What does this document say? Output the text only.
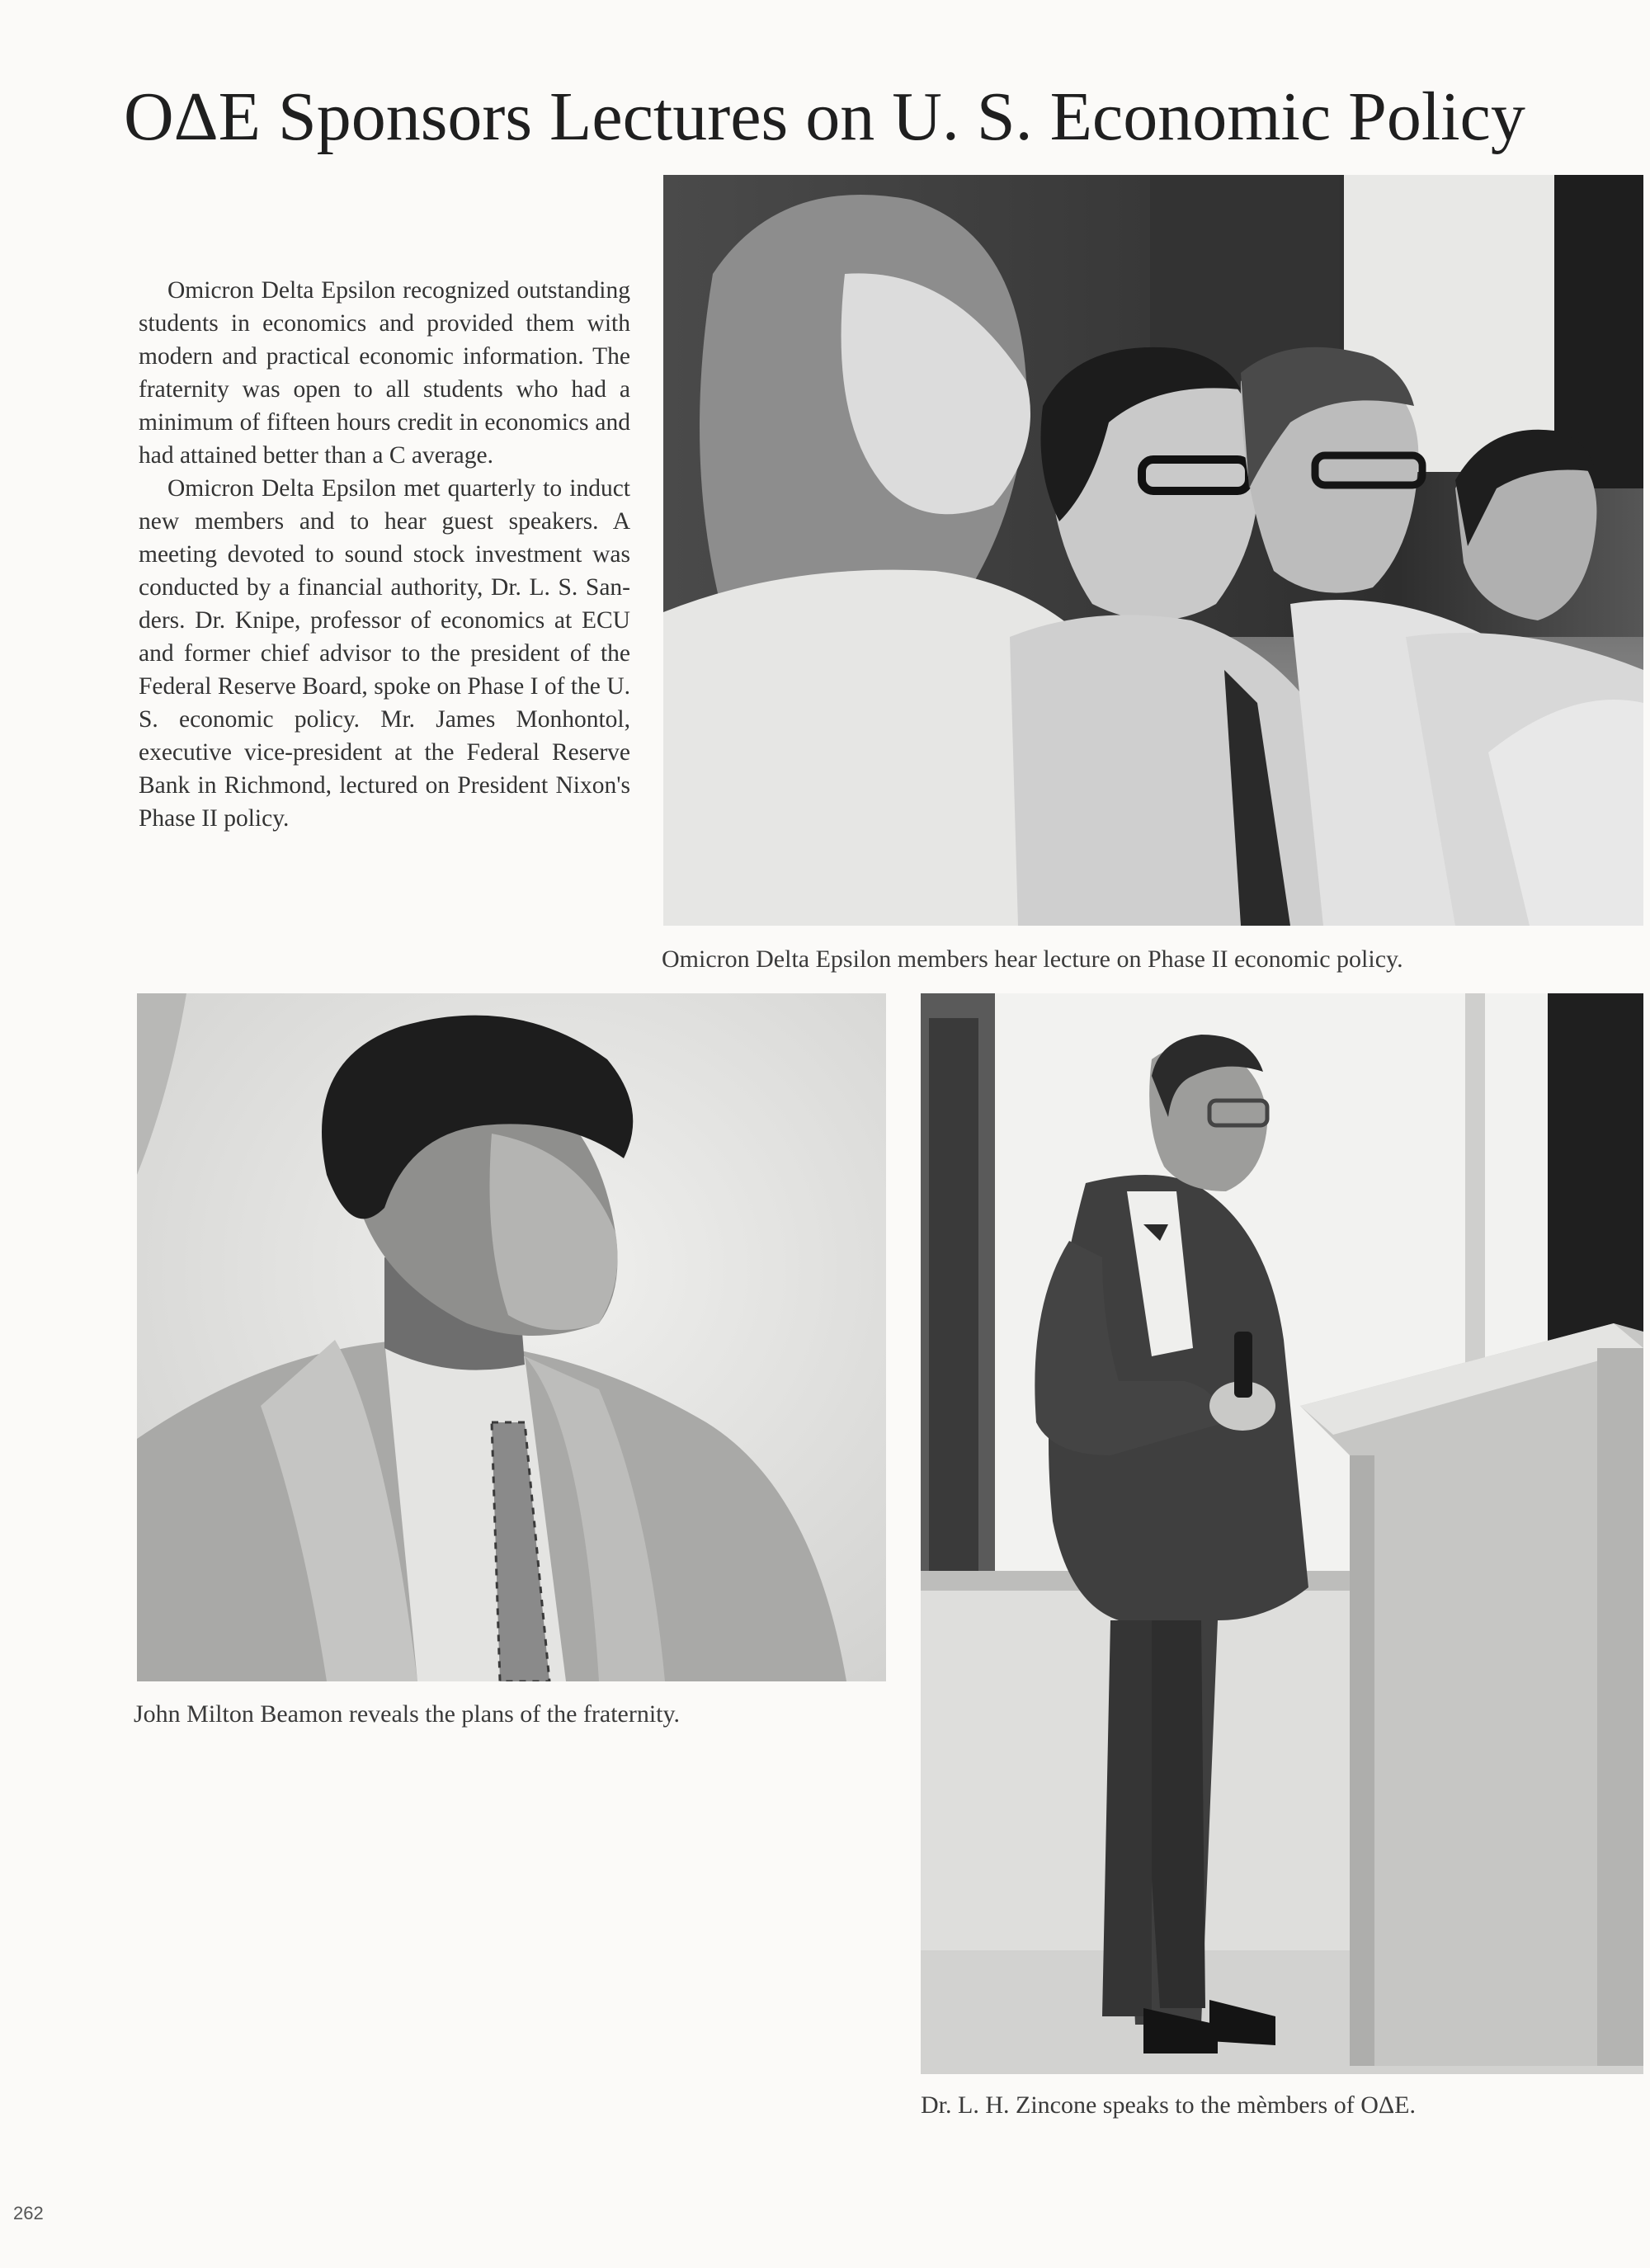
OΔE Sponsors Lectures on U. S. Economic Policy

Omicron Delta Epsilon recognized outstanding students in economics and provided them with modern and practical economic information. The fraternity was open to all students who had a minimum of fifteen hours credit in economics and had attained better than a C average.

Omicron Delta Epsilon met quarterly to induct new members and to hear guest speakers. A meeting devoted to sound stock investment was conducted by a financial authority, Dr. L. S. Sanders. Dr. Knipe, professor of economics at ECU and former chief advisor to the president of the Federal Reserve Board, spoke on Phase I of the U. S. economic policy. Mr. James Monhontol, executive vice-president at the Federal Reserve Bank in Richmond, lectured on President Nixon's Phase II policy.

Omicron Delta Epsilon members hear lecture on Phase II economic policy.

John Milton Beamon reveals the plans of the fraternity.

Dr. L. H. Zincone speaks to the mèmbers of OΔE.

262
